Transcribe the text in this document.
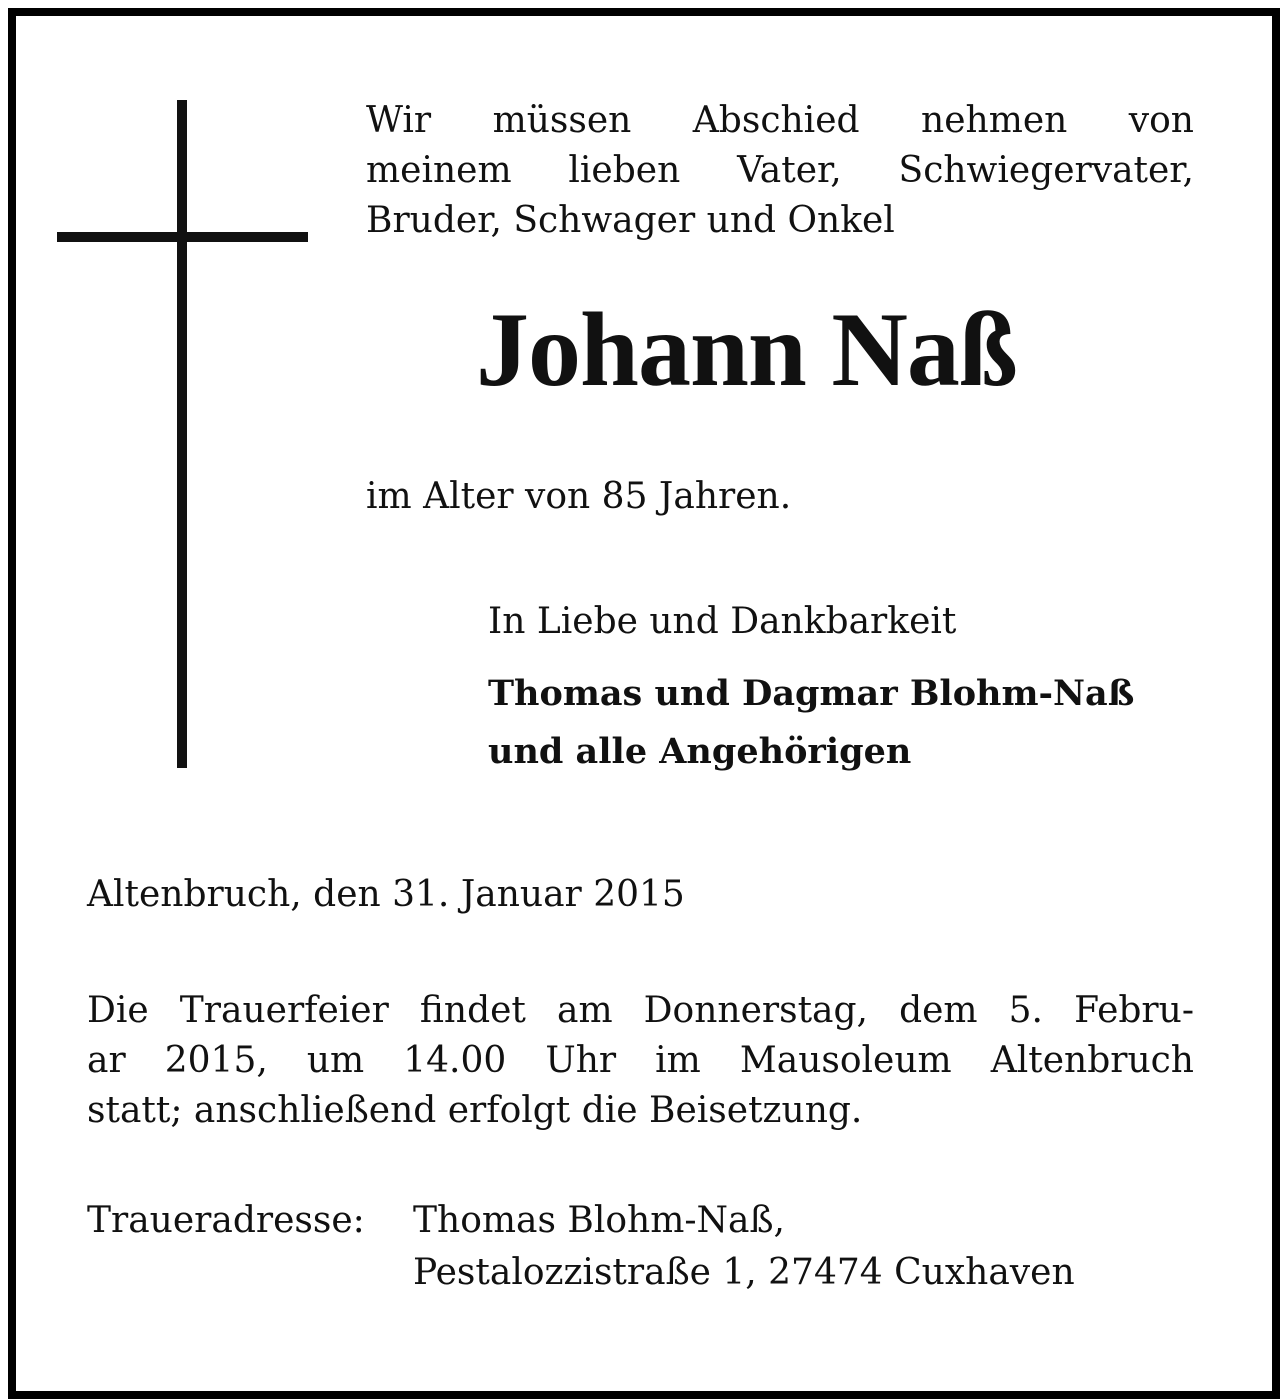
Wir müssen Abschied nehmen von

meinem lieben Vater, Schwiegervater,

Bruder, Schwager und Onkel

Johann Naß

im Alter von 85 Jahren.

In Liebe und Dankbarkeit

Thomas und Dagmar Blohm-Naß

und alle Angehörigen

Altenbruch, den 31. Januar 2015

Die Trauerfeier findet am Donnerstag, dem 5. Febru-

ar 2015, um 14.00 Uhr im Mausoleum Altenbruch

statt; anschließend erfolgt die Beisetzung.

Traueradresse: Thomas Blohm-Naß,

Pestalozzistraße 1, 27474 Cuxhaven
